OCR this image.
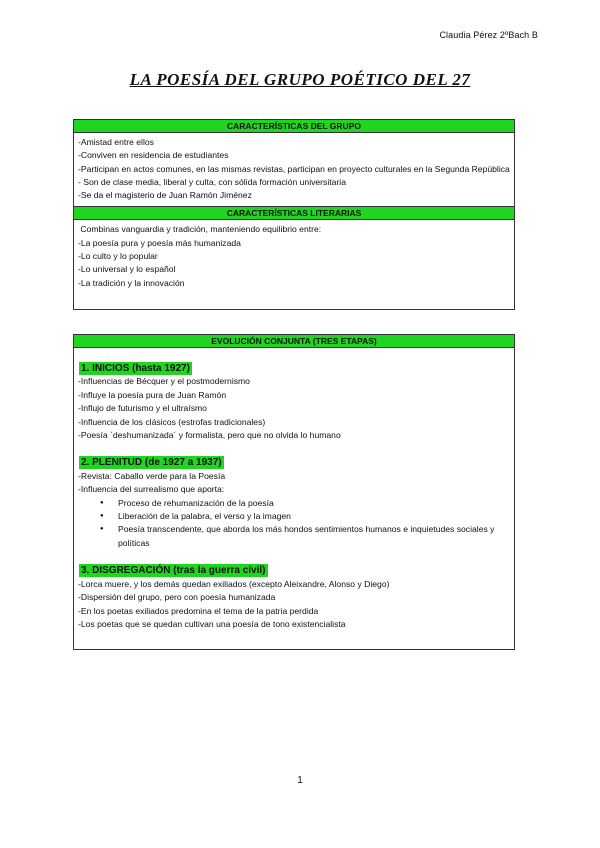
Claudia Pérez 2ºBach B
LA POESÍA DEL GRUPO POÉTICO DEL 27
CARACTERÍSTICAS DEL GRUPO
-Amistad entre ellos
-Conviven en residencia de estudiantes
-Participan en actos comunes, en las mismas revistas, participan en proyecto culturales en la Segunda República
- Son de clase media, liberal y culta, con sólida formación universitaria
-Se da el magisterio de Juan Ramón Jiménez
CARACTERÍSTICAS LITERARIAS
Combinas vanguardia y tradición, manteniendo equilibrio entre:
-La poesía pura y poesía más humanizada
-Lo culto y lo popular
-Lo universal y lo español
-La tradición y la innovación
EVOLUCIÓN CONJUNTA (TRES ETAPAS)
1. INICIOS (hasta 1927)
-Influencias de Bécquer y el postmodernismo
-Influye la poesía pura de Juan Ramón
-Influjo de futurismo y el ultraísmo
-Influencia de los clásicos (estrofas tradicionales)
-Poesía `deshumanizada´ y formalista, pero que no olvida lo humano
2. PLENITUD (de 1927 a 1937)
-Revista: Caballo verde para la Poesía
-Influencia del surrealismo que aporta:
● Proceso de rehumanización de la poesía
● Liberación de la palabra, el verso y la imagen
● Poesía transcendente, que aborda los más hondos sentimientos humanos e inquietudes sociales y políticas
3. DISGREGACIÓN (tras la guerra civil)
-Lorca muere, y los demás quedan exiliados (excepto Aleixandre, Alonso y Diego)
-Dispersión del grupo, pero con poesía humanizada
-En los poetas exiliados predomina el tema de la patria perdida
-Los poetas que se quedan cultivan una poesía de tono existencialista
1
